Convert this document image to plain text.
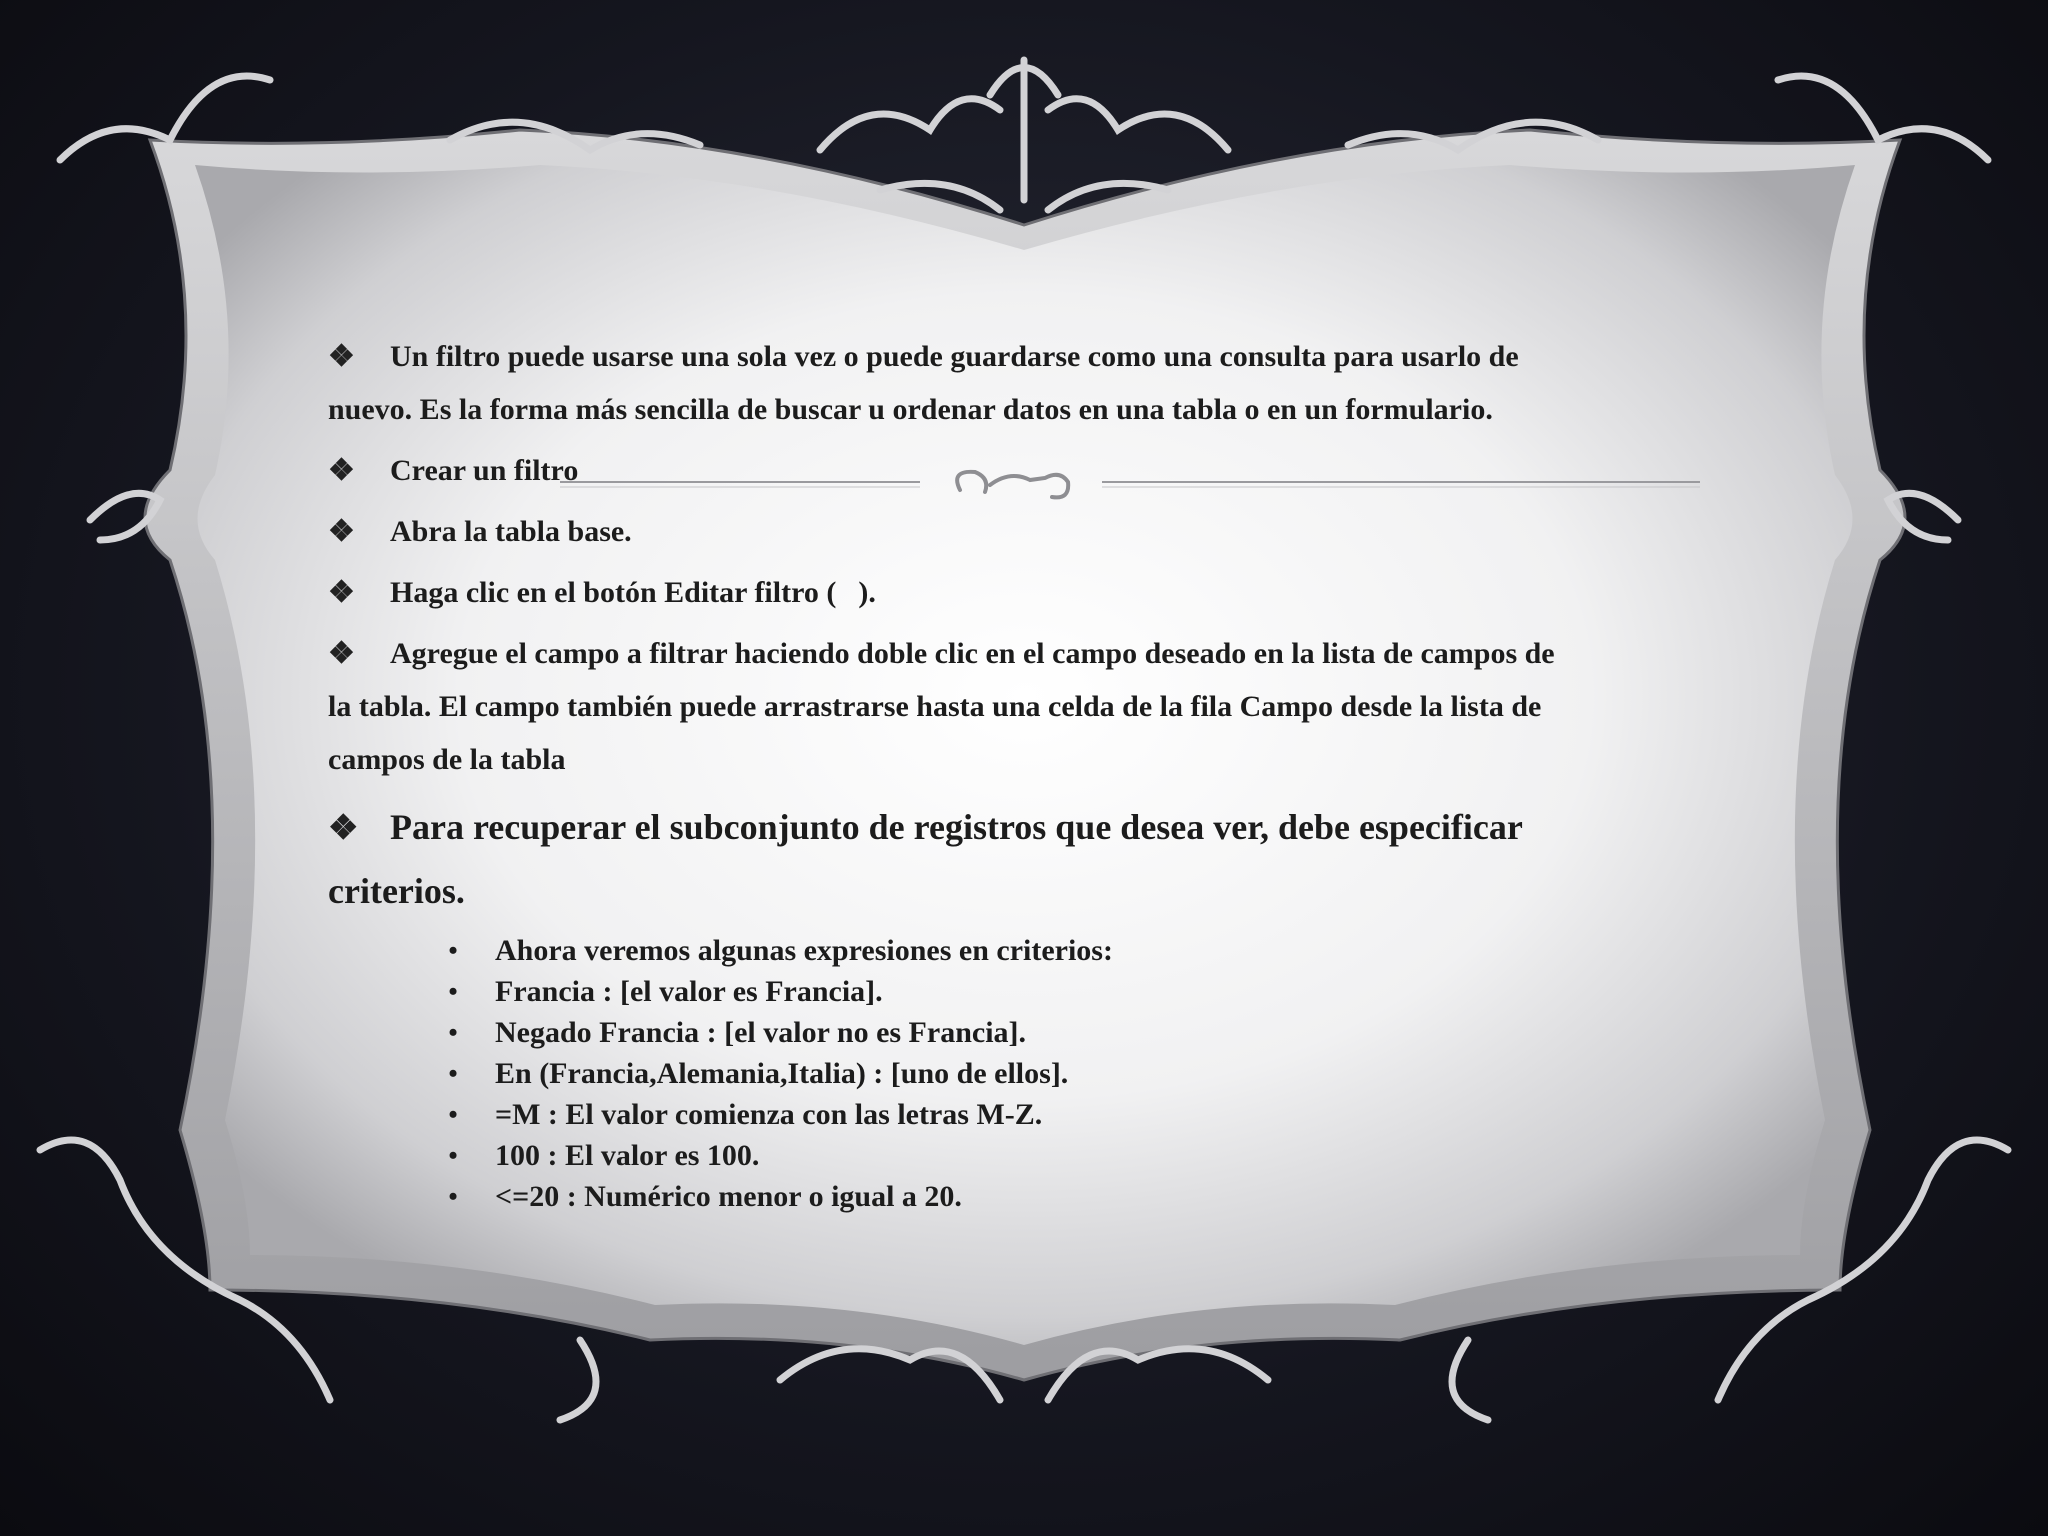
❖ Un filtro puede usarse una sola vez o puede guardarse como una consulta para usarlo de
nuevo. Es la forma más sencilla de buscar u ordenar datos en una tabla o en un formulario.

❖ Crear un filtro

❖ Abra la tabla base.

❖ Haga clic en el botón Editar filtro ( ).

❖ Agregue el campo a filtrar haciendo doble clic en el campo deseado en la lista de campos de
la tabla. El campo también puede arrastrarse hasta una celda de la fila Campo desde la lista de
campos de la tabla

❖ Para recuperar el subconjunto de registros que desea ver, debe especificar
criterios.

•	Ahora veremos algunas expresiones en criterios:
•	Francia : [el valor es Francia].
•	Negado Francia : [el valor no es Francia].
•	En (Francia,Alemania,Italia) : [uno de ellos].
•	=M : El valor comienza con las letras M-Z.
•	100 : El valor es 100.
•	<=20 : Numérico menor o igual a 20.
